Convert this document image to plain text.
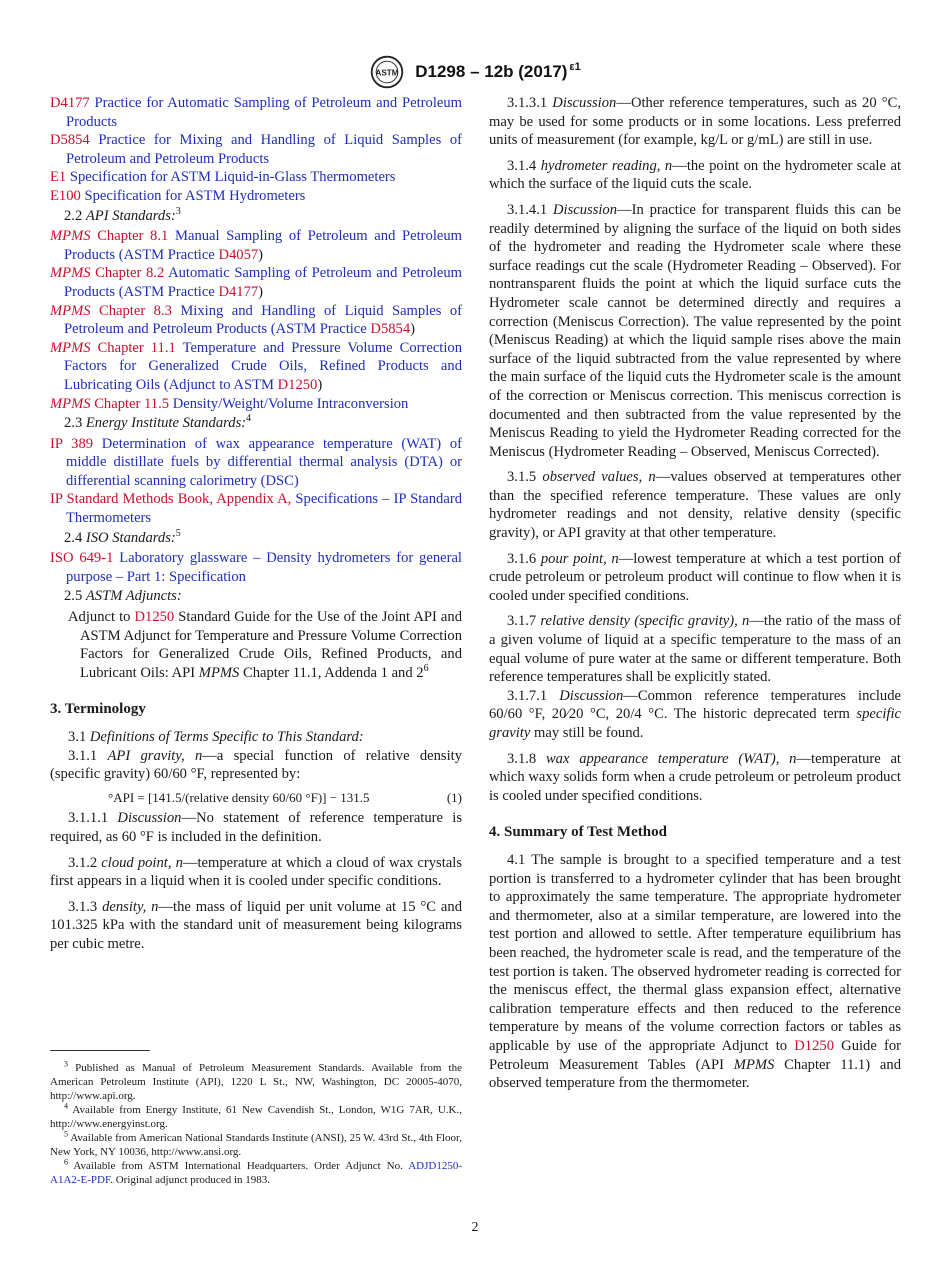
ASTM D1298 – 12b (2017) $^{\varepsilon 1}$

D4177 Practice for Automatic Sampling of Petroleum and Petroleum Products

D5854 Practice for Mixing and Handling of Liquid Samples of Petroleum and Petroleum Products

E1 Specification for ASTM Liquid-in-Glass Thermometers

E100 Specification for ASTM Hydrometers

2.2 API Standards:$^3$

MPMS Chapter 8.1 Manual Sampling of Petroleum and Petroleum Products (ASTM Practice D4057)

MPMS Chapter 8.2 Automatic Sampling of Petroleum and Petroleum Products (ASTM Practice D4177)

MPMS Chapter 8.3 Mixing and Handling of Liquid Samples of Petroleum and Petroleum Products (ASTM Practice D5854)

MPMS Chapter 11.1 Temperature and Pressure Volume Correction Factors for Generalized Crude Oils, Refined Products and Lubricating Oils (Adjunct to ASTM D1250)

MPMS Chapter 11.5 Density/Weight/Volume Intraconversion

2.3 Energy Institute Standards:$^4$

IP 389 Determination of wax appearance temperature (WAT) of middle distillate fuels by differential thermal analysis (DTA) or differential scanning calorimetry (DSC)

IP Standard Methods Book, Appendix A, Specifications – IP Standard Thermometers

2.4 ISO Standards:$^5$

ISO 649-1 Laboratory glassware – Density hydrometers for general purpose – Part 1: Specification

2.5 ASTM Adjuncts:

Adjunct to D1250 Standard Guide for the Use of the Joint API and ASTM Adjunct for Temperature and Pressure Volume Correction Factors for Generalized Crude Oils, Refined Products, and Lubricant Oils: API MPMS Chapter 11.1, Addenda 1 and $2^6$

3. Terminology

3.1 Definitions of Terms Specific to This Standard:

3.1.1 API gravity, n—a special function of relative density (specific gravity) 60/60 °F, represented by:

°API = [141.5/(relative density 60/60 °F)] − 131.5	(1)

3.1.1.1 Discussion—No statement of reference temperature is required, as 60 °F is included in the definition.

3.1.2 cloud point, n—temperature at which a cloud of wax crystals first appears in a liquid when it is cooled under specific conditions.

3.1.3 density, n—the mass of liquid per unit volume at 15 °C and 101.325 kPa with the standard unit of measurement being kilograms per cubic metre.

$^3$ Published as Manual of Petroleum Measurement Standards. Available from the American Petroleum Institute (API), 1220 L St., NW, Washington, DC 20005-4070, http://www.api.org.

$^4$ Available from Energy Institute, 61 New Cavendish St., London, W1G 7AR, U.K., http://www.energyinst.org.

$^5$ Available from American National Standards Institute (ANSI), 25 W. 43rd St., 4th Floor, New York, NY 10036, http://www.ansi.org.

$^6$ Available from ASTM International Headquarters. Order Adjunct No. ADJD1250-A1A2-E-PDF. Original adjunct produced in 1983.

3.1.3.1 Discussion—Other reference temperatures, such as 20 °C, may be used for some products or in some locations. Less preferred units of measurement (for example, kg/L or g/mL) are still in use.

3.1.4 hydrometer reading, n—the point on the hydrometer scale at which the surface of the liquid cuts the scale.

3.1.4.1 Discussion—In practice for transparent fluids this can be readily determined by aligning the surface of the liquid on both sides of the hydrometer and reading the Hydrometer scale where these surface readings cut the scale (Hydrometer Reading – Observed). For nontransparent fluids the point at which the liquid surface cuts the Hydrometer scale cannot be determined directly and requires a correction (Meniscus Correction). The value represented by the point (Meniscus Reading) at which the liquid sample rises above the main surface of the liquid subtracted from the value represented by where the main surface of the liquid cuts the Hydrometer scale is the amount of the correction or Meniscus correction. This meniscus correction is documented and then subtracted from the value represented by the Meniscus Reading to yield the Hydrometer Reading corrected for the Meniscus (Hydrometer Reading – Observed, Meniscus Corrected).

3.1.5 observed values, n—values observed at temperatures other than the specified reference temperature. These values are only hydrometer readings and not density, relative density (specific gravity), or API gravity at that other temperature.

3.1.6 pour point, n—lowest temperature at which a test portion of crude petroleum or petroleum product will continue to flow when it is cooled under specified conditions.

3.1.7 relative density (specific gravity), n—the ratio of the mass of a given volume of liquid at a specific temperature to the mass of an equal volume of pure water at the same or different temperature. Both reference temperatures shall be explicitly stated.

3.1.7.1 Discussion—Common reference temperatures include 60/60 °F, 20⁄20 °C, 20/4 °C. The historic deprecated term specific gravity may still be found.

3.1.8 wax appearance temperature (WAT), n—temperature at which waxy solids form when a crude petroleum or petroleum product is cooled under specified conditions.

4. Summary of Test Method

4.1 The sample is brought to a specified temperature and a test portion is transferred to a hydrometer cylinder that has been brought to approximately the same temperature. The appropriate hydrometer and thermometer, also at a similar temperature, are lowered into the test portion and allowed to settle. After temperature equilibrium has been reached, the hydrometer scale is read, and the temperature of the test portion is taken. The observed hydrometer reading is corrected for the meniscus effect, the thermal glass expansion effect, alternative calibration temperature effects and then reduced to the reference temperature by means of the volume correction factors or tables as applicable by use of the appropriate Adjunct to D1250 Guide for Petroleum Measurement Tables (API MPMS Chapter 11.1) and observed temperature from the thermometer.

2
